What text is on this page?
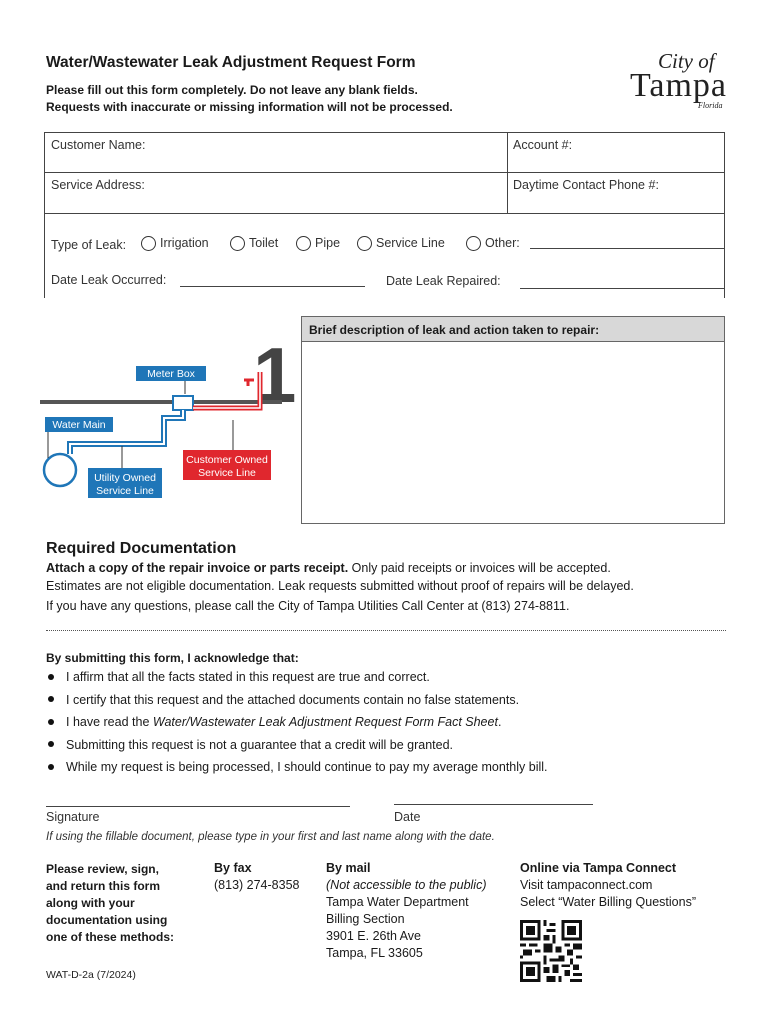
Water/Wastewater Leak Adjustment Request Form
Please fill out this form completely. Do not leave any blank fields.
Requests with inaccurate or missing information will not be processed.
City of
Tampa
Florida
Customer Name:	Account #:
Service Address:	Daytime Contact Phone #:
Type of Leak:	Irrigation	Toilet	Pipe	Service Line	Other:
Date Leak Occurred:	Date Leak Repaired:
1
Meter Box
Water Main
Utility Owned
Service Line
Customer Owned
Service Line
Brief description of leak and action taken to repair:
Required Documentation
Attach a copy of the repair invoice or parts receipt. Only paid receipts or invoices will be accepted.
Estimates are not eligible documentation. Leak requests submitted without proof of repairs will be delayed.
If you have any questions, please call the City of Tampa Utilities Call Center at (813) 274-8811.
By submitting this form, I acknowledge that:
I affirm that all the facts stated in this request are true and correct.
I certify that this request and the attached documents contain no false statements.
I have read the Water/Wastewater Leak Adjustment Request Form Fact Sheet.
Submitting this request is not a guarantee that a credit will be granted.
While my request is being processed, I should continue to pay my average monthly bill.
Signature	Date
If using the fillable document, please type in your first and last name along with the date.
Please review, sign,
and return this form
along with your
documentation using
one of these methods:
By fax
(813) 274-8358
By mail
(Not accessible to the public)
Tampa Water Department
Billing Section
3901 E. 26th Ave
Tampa, FL 33605
Online via Tampa Connect
Visit tampaconnect.com
Select “Water Billing Questions”
WAT-D-2a (7/2024)
